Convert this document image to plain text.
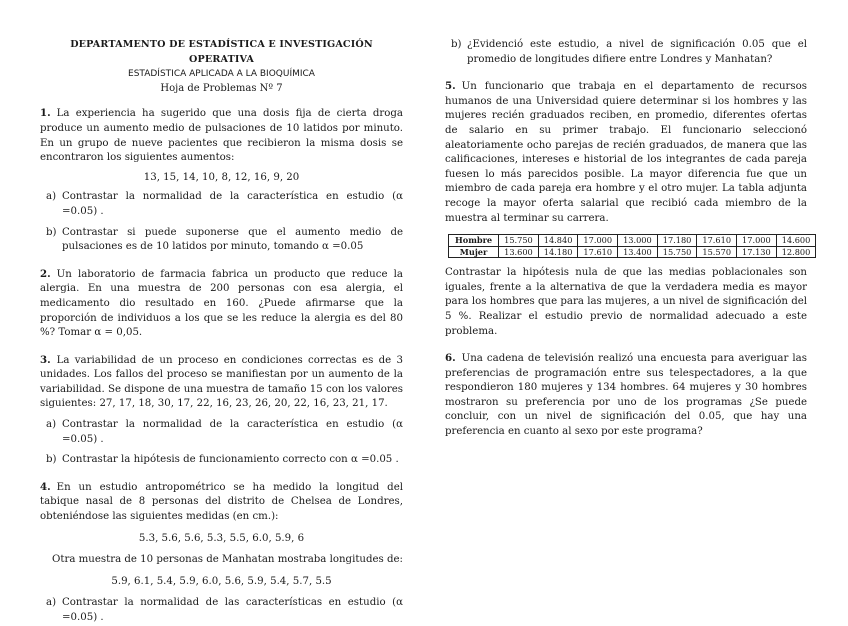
DEPARTAMENTO DE ESTADÍSTICA E INVESTIGACIÓN OPERATIVA
ESTADÍSTICA APLICADA A LA BIOQUÍMICA
Hoja de Problemas Nº 7

1. La experiencia ha sugerido que una dosis fija de cierta droga produce un aumento medio de pulsaciones de 10 latidos por minuto. En un grupo de nueve pacientes que recibieron la misma dosis se encontraron los siguientes aumentos:

13, 15, 14, 10, 8, 12, 16, 9, 20

a) Contrastar la normalidad de la característica en estudio (α =0.05) .
b) Contrastar si puede suponerse que el aumento medio de pulsaciones es de 10 latidos por minuto, tomando α =0.05

2. Un laboratorio de farmacia fabrica un producto que reduce la alergia. En una muestra de 200 personas con esa alergia, el medicamento dio resultado en 160. ¿Puede afirmarse que la proporción de individuos a los que se les reduce la alergia es del 80 %? Tomar α = 0,05.

3. La variabilidad de un proceso en condiciones correctas es de 3 unidades. Los fallos del proceso se manifiestan por un aumento de la variabilidad. Se dispone de una muestra de tamaño 15 con los valores siguientes: 27, 17, 18, 30, 17, 22, 16, 23, 26, 20, 22, 16, 23, 21, 17.

a) Contrastar la normalidad de la característica en estudio (α =0.05) .
b) Contrastar la hipótesis de funcionamiento correcto con α =0.05 .

4. En un estudio antropométrico se ha medido la longitud del tabique nasal de 8 personas del distrito de Chelsea de Londres, obteniéndose las siguientes medidas (en cm.):

5.3, 5.6, 5.6, 5.3, 5.5, 6.0, 5.9, 6

Otra muestra de 10 personas de Manhatan mostraba longitudes de:

5.9, 6.1, 5.4, 5.9, 6.0, 5.6, 5.9, 5.4, 5.7, 5.5

a) Contrastar la normalidad de las características en estudio (α =0.05) .
b) ¿Evidenció este estudio, a nivel de significación 0.05 que el promedio de longitudes difiere entre Londres y Manhatan?

5. Un funcionario que trabaja en el departamento de recursos humanos de una Universidad quiere determinar si los hombres y las mujeres recién graduados reciben, en promedio, diferentes ofertas de salario en su primer trabajo. El funcionario seleccionó aleatoriamente ocho parejas de recién graduados, de manera que las calificaciones, intereses e historial de los integrantes de cada pareja fuesen lo más parecidos posible. La mayor diferencia fue que un miembro de cada pareja era hombre y el otro mujer. La tabla adjunta recoge la mayor oferta salarial que recibió cada miembro de la muestra al terminar su carrera.

Hombre	15.750	14.840	17.000	13.000	17.180	17.610	17.000	14.600
Mujer	13.600	14.180	17.610	13.400	15.750	15.570	17.130	12.800

Contrastar la hipótesis nula de que las medias poblacionales son iguales, frente a la alternativa de que la verdadera media es mayor para los hombres que para las mujeres, a un nivel de significación del 5 %. Realizar el estudio previo de normalidad adecuado a este problema.

6. Una cadena de televisión realizó una encuesta para averiguar las preferencias de programación entre sus telespectadores, a la que respondieron 180 mujeres y 134 hombres. 64 mujeres y 30 hombres mostraron su preferencia por uno de los programas ¿Se puede concluir, con un nivel de significación del 0.05, que hay una preferencia en cuanto al sexo por este programa?
